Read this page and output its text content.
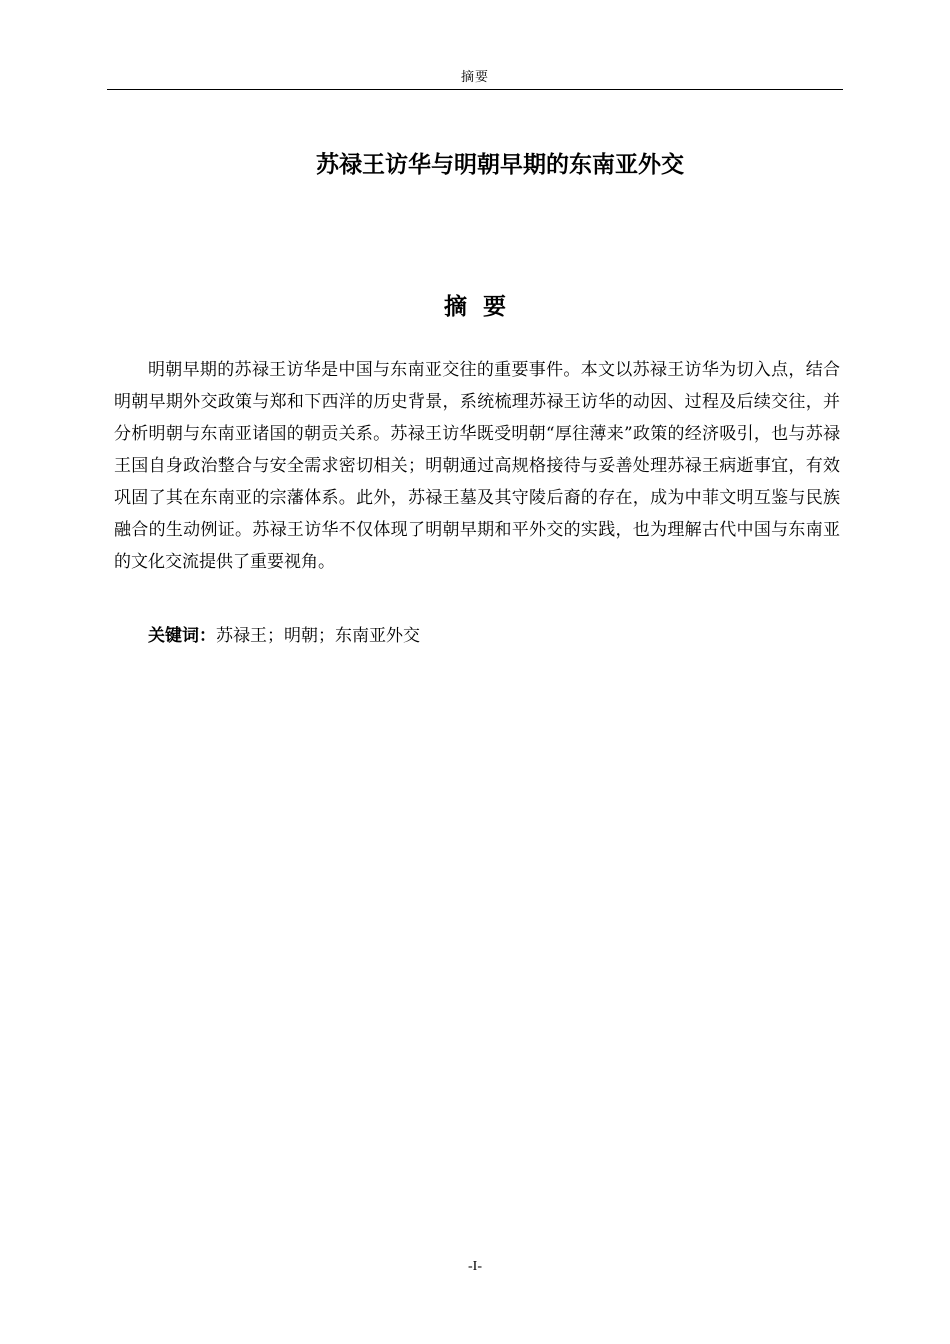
摘要
苏禄王访华与明朝早期的东南亚外交
摘要

明朝早期的苏禄王访华是中国与东南亚交往的重要事件。本文以苏禄王访华为切入点，结合明朝早期外交政策与郑和下西洋的历史背景，系统梳理苏禄王访华的动因、过程及后续交往，并分析明朝与东南亚诸国的朝贡关系。苏禄王访华既受明朝“厚往薄来”政策的经济吸引，也与苏禄王国自身政治整合与安全需求密切相关；明朝通过高规格接待与妥善处理苏禄王病逝事宜，有效巩固了其在东南亚的宗藩体系。此外，苏禄王墓及其守陵后裔的存在，成为中菲文明互鉴与民族融合的生动例证。苏禄王访华不仅体现了明朝早期和平外交的实践，也为理解古代中国与东南亚的文化交流提供了重要视角。

关键词：苏禄王；明朝；东南亚外交

-I-
